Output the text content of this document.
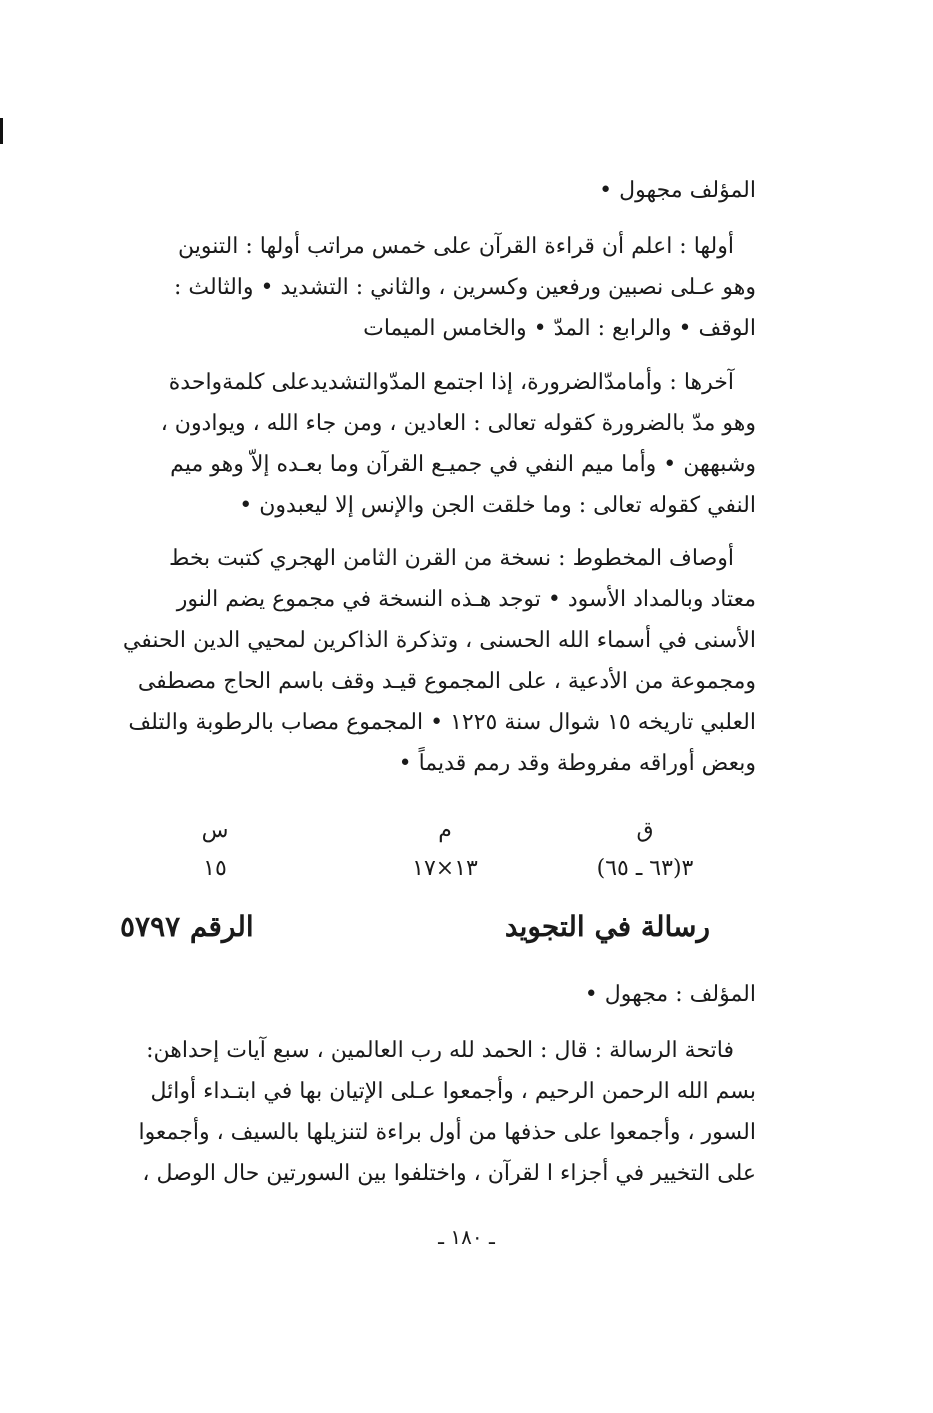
المؤلف مجهول •
أولها : اعلم أن قراءة القرآن على خمس مراتب أولها : التنوين
وهو عـلى نصبين ورفعين وكسرين ، والثاني : التشديد • والثالث :
الوقف • والرابع : المدّ • والخامس الميمات
آخرها : وأمامدّالضرورة، إذا اجتمع المدّوالتشديدعلى كلمةواحدة
وهو مدّ بالضرورة كقوله تعالى : العادين ، ومن جاء الله ، ويوادون ،
وشبههن • وأما ميم النفي في جميـع القرآن وما بعـده إلاّ وهو ميم
النفي كقوله تعالى : وما خلقت الجن والإنس إلا ليعبدون •
أوصاف المخطوط : نسخة من القرن الثامن الهجري كتبت بخط
معتاد وبالمداد الأسود • توجد هـذه النسخة في مجموع يضم النور
الأسنى في أسماء الله الحسنى ، وتذكرة الذاكرين لمحيي الدين الحنفي
ومجموعة من الأدعية ، على المجموع قيـد وقف باسم الحاج مصطفى
العلبي تاريخه ١٥ شوال سنة ١٢٢٥ • المجموع مصاب بالرطوبة والتلف
وبعض أوراقه مفروطة وقد رمم قديماً •
ق
٣(٦٣ ـ ٦٥)
م
١٣×١٧
س
١٥
رسالة في التجويد
الرقم ٥٧٩٧
المؤلف : مجهول •
فاتحة الرسالة : قال : الحمد لله رب العالمين ، سبع آيات إحداهن:
بسم الله الرحمن الرحيم ، وأجمعوا عـلى الإتيان بها في ابتـداء أوائل
السور ، وأجمعوا على حذفها من أول براءة لتنزيلها بالسيف ، وأجمعوا
على التخيير في أجزاء ا لقرآن ، واختلفوا بين السورتين حال الوصل ،
ـ ١٨٠ ـ
